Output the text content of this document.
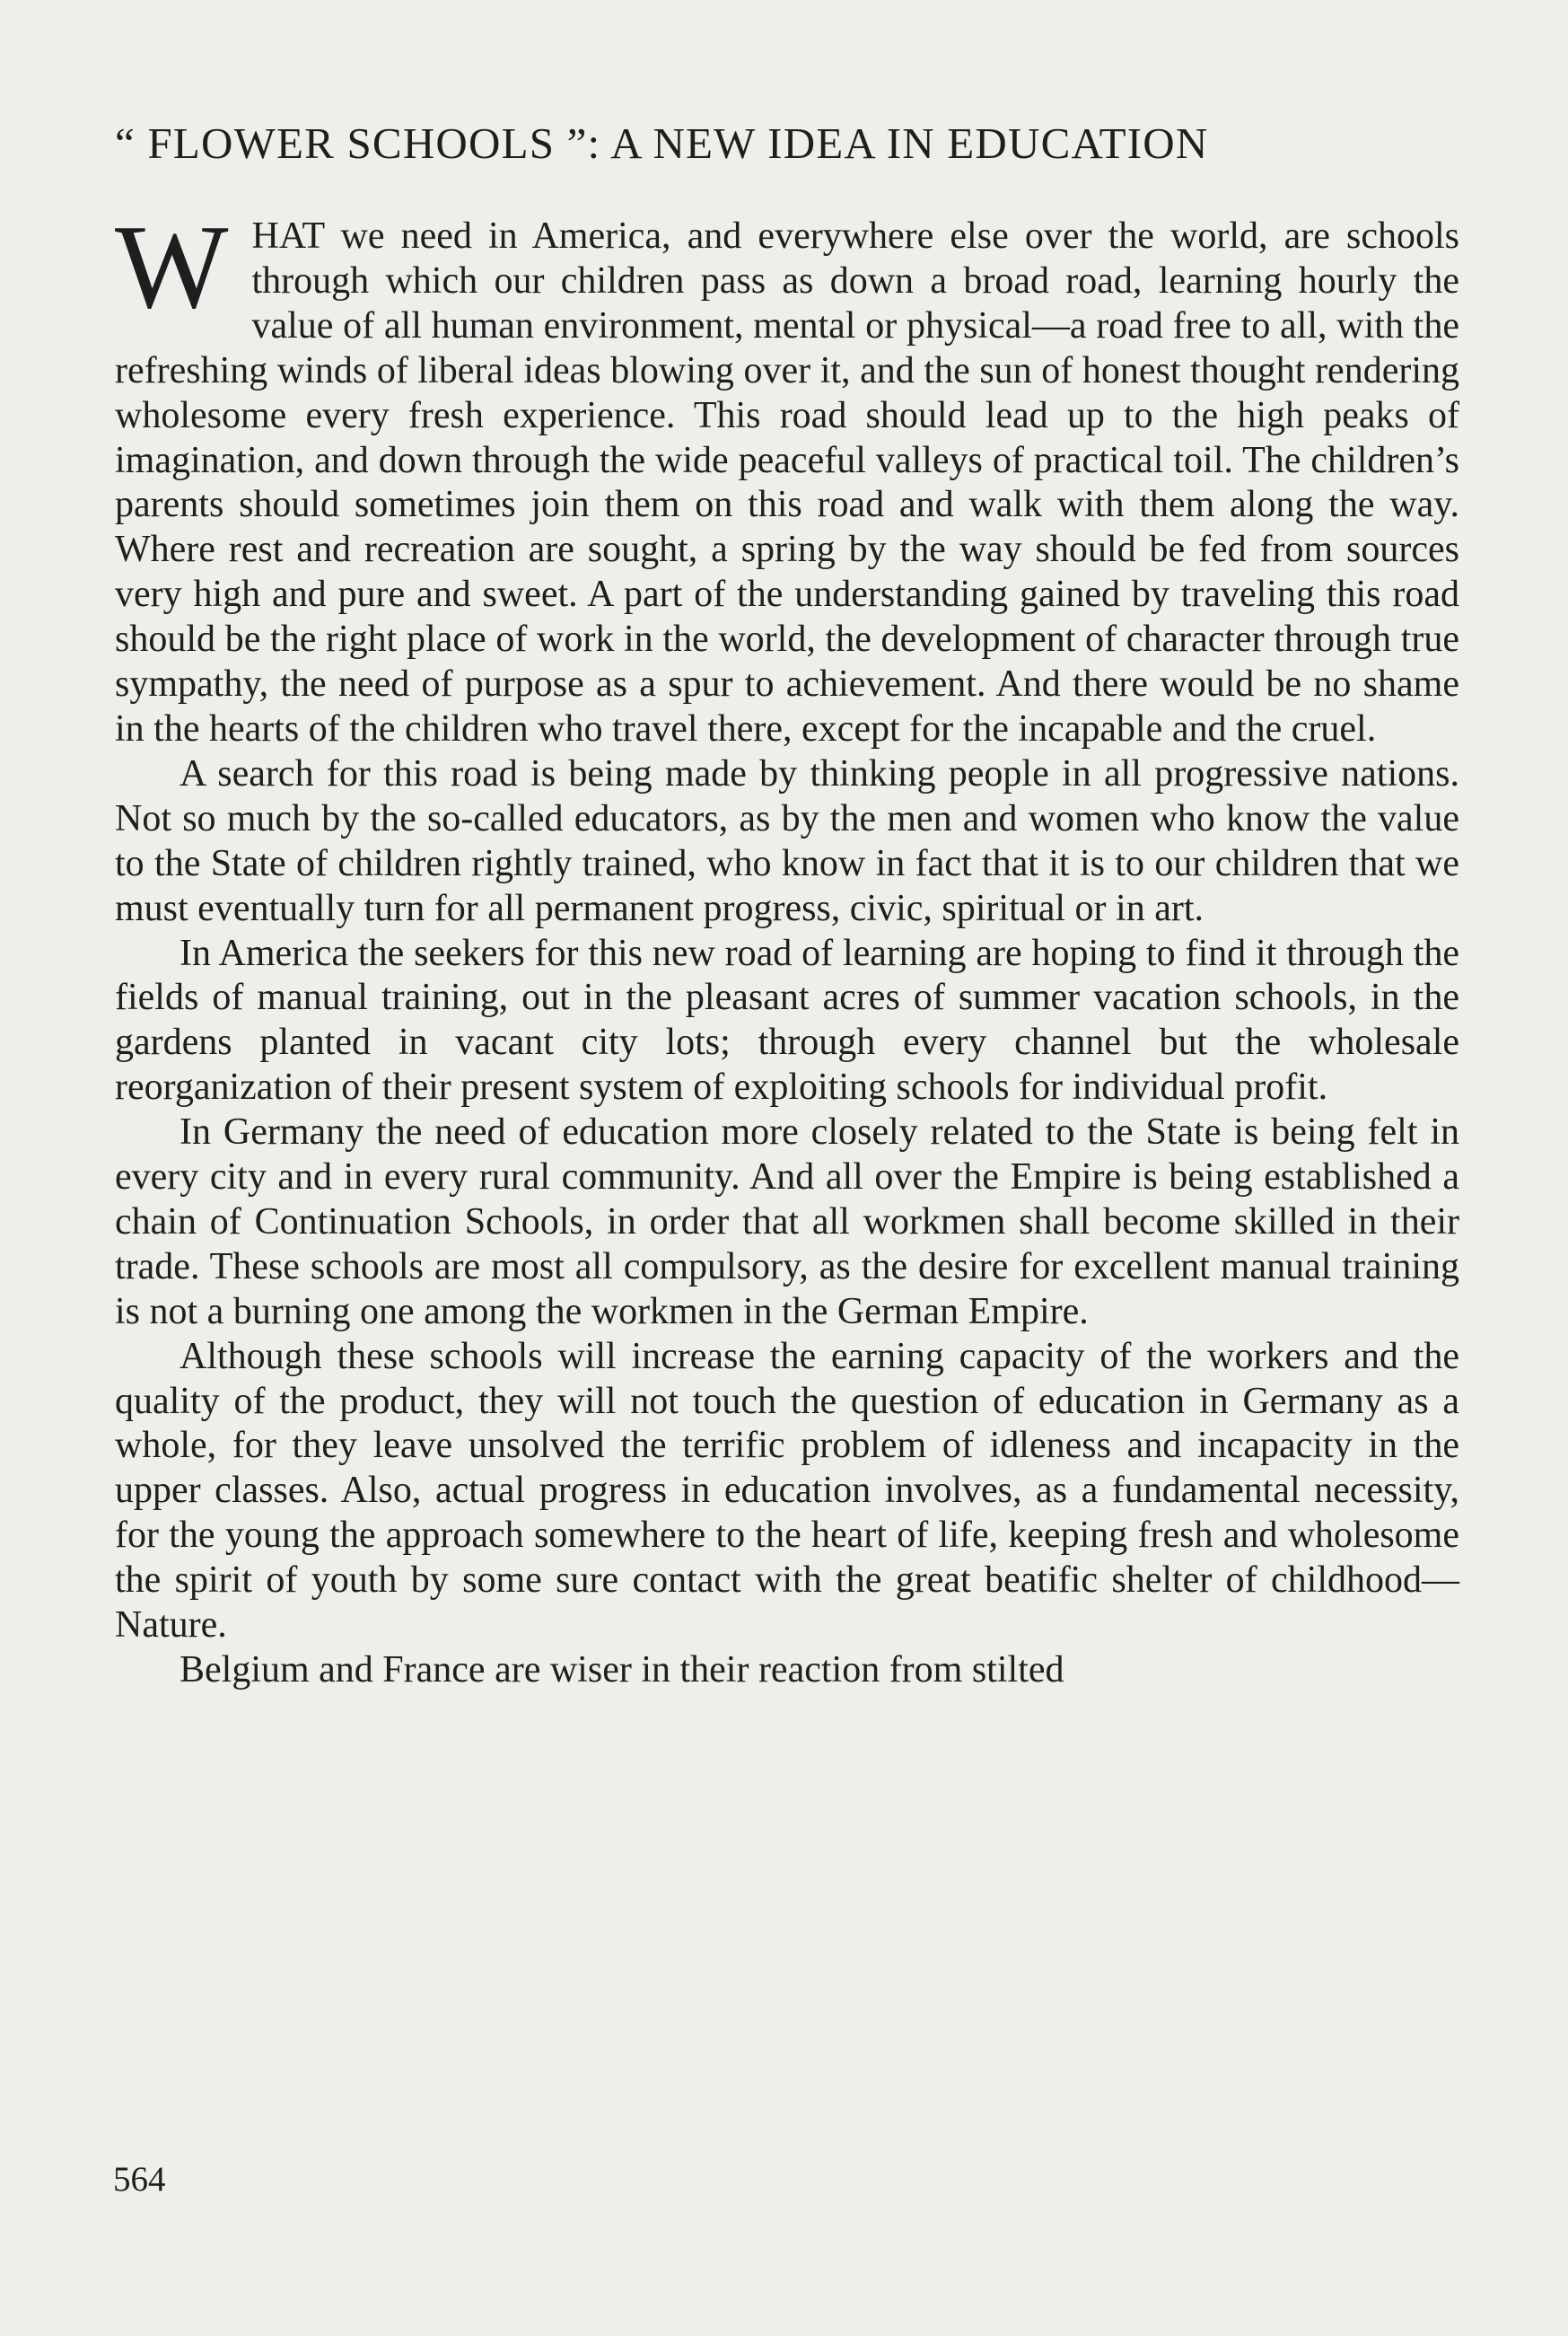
“ FLOWER SCHOOLS ”: A NEW IDEA IN EDUCATION

WHAT we need in America, and everywhere else over the world, are schools through which our children pass as down a broad road, learning hourly the value of all human environment, mental or physical—a road free to all, with the refreshing winds of liberal ideas blowing over it, and the sun of honest thought rendering wholesome every fresh experience. This road should lead up to the high peaks of imagination, and down through the wide peaceful valleys of practical toil. The children’s parents should sometimes join them on this road and walk with them along the way. Where rest and recreation are sought, a spring by the way should be fed from sources very high and pure and sweet. A part of the understanding gained by traveling this road should be the right place of work in the world, the development of character through true sympathy, the need of purpose as a spur to achievement. And there would be no shame in the hearts of the children who travel there, except for the incapable and the cruel.

A search for this road is being made by thinking people in all progressive nations. Not so much by the so-called educators, as by the men and women who know the value to the State of children rightly trained, who know in fact that it is to our children that we must eventually turn for all permanent progress, civic, spiritual or in art.

In America the seekers for this new road of learning are hoping to find it through the fields of manual training, out in the pleasant acres of summer vacation schools, in the gardens planted in vacant city lots; through every channel but the wholesale reorganization of their present system of exploiting schools for individual profit.

In Germany the need of education more closely related to the State is being felt in every city and in every rural community. And all over the Empire is being established a chain of Continuation Schools, in order that all workmen shall become skilled in their trade. These schools are most all compulsory, as the desire for excellent manual training is not a burning one among the workmen in the German Empire.

Although these schools will increase the earning capacity of the workers and the quality of the product, they will not touch the question of education in Germany as a whole, for they leave unsolved the terrific problem of idleness and incapacity in the upper classes. Also, actual progress in education involves, as a fundamental necessity, for the young the approach somewhere to the heart of life, keeping fresh and wholesome the spirit of youth by some sure contact with the great beatific shelter of childhood—Nature.

Belgium and France are wiser in their reaction from stilted

564
